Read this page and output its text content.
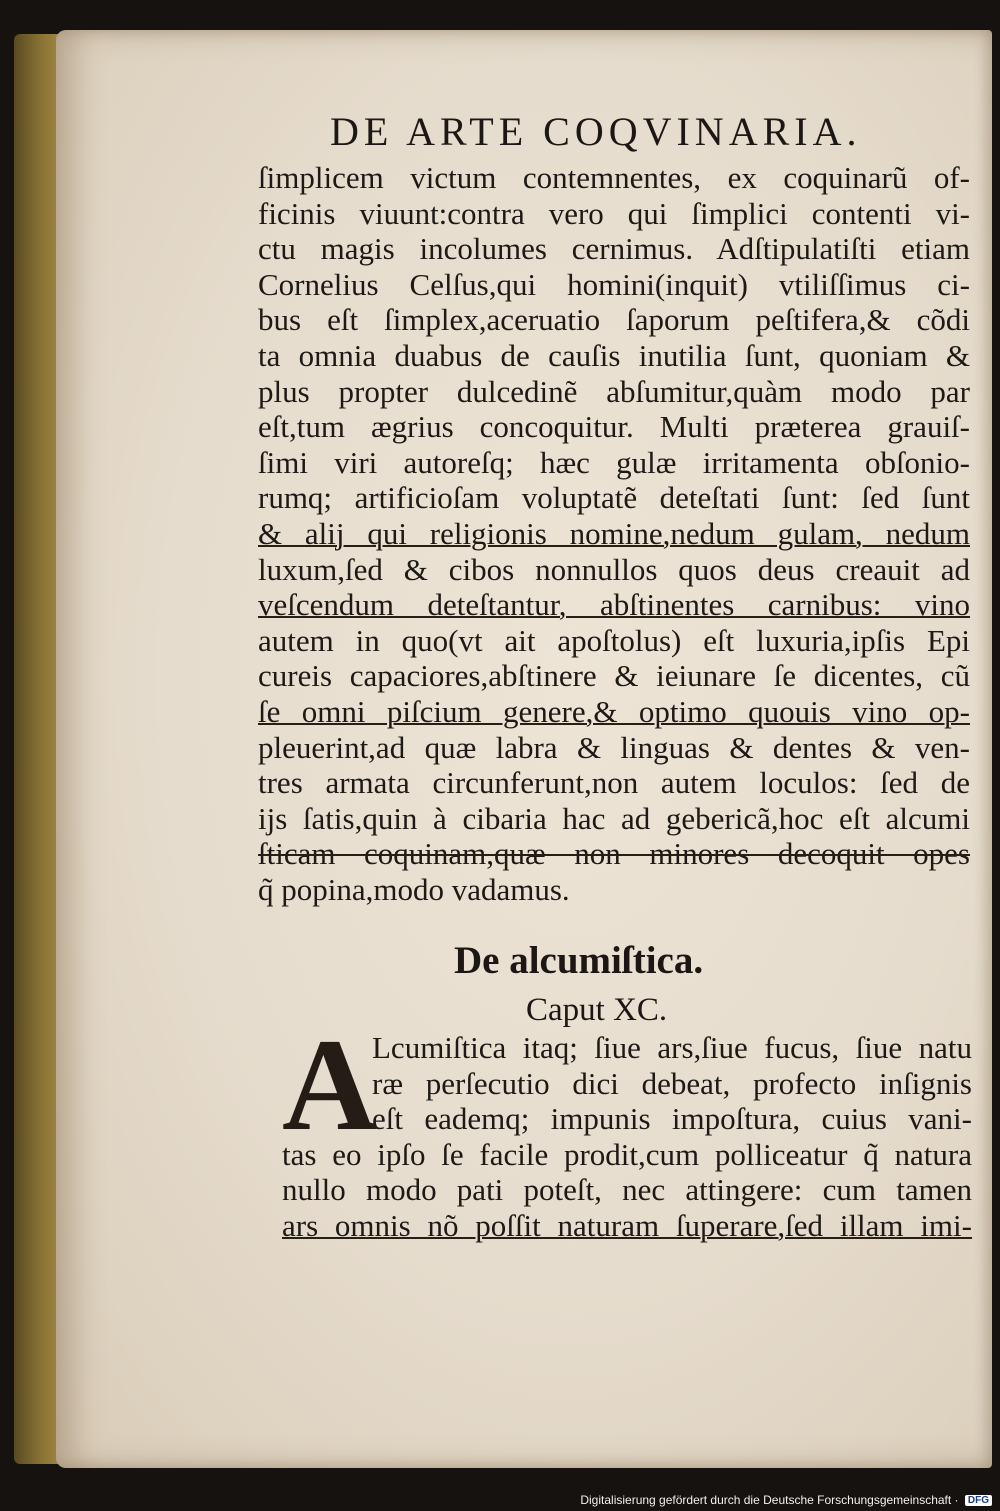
DE ARTE COQVINARIA.
ſimplicem victum contemnentes, ex coquinarũ of-
ficinis viuunt:contra vero qui ſimplici contenti vi-
ctu magis incolumes cernimus. Adſtipulatiſti etiam
Cornelius Celſus,qui homini(inquit) vtiliſſimus ci-
bus eſt ſimplex,aceruatio ſaporum peſtifera,& cõdi
ta omnia duabus de cauſis inutilia ſunt, quoniam &
plus propter dulcedinẽ abſumitur,quàm modo par
eſt,tum ægrius concoquitur. Multi præterea grauiſ-
ſimi viri autoreſq; hæc gulæ irritamenta obſonio-
rumq; artificioſam voluptatẽ deteſtati ſunt: ſed ſunt
& alij qui religionis nomine,nedum gulam, nedum
luxum,ſed & cibos nonnullos quos deus creauit ad
veſcendum deteſtantur, abſtinentes carnibus: vino
autem in quo(vt ait apoſtolus) eſt luxuria,ipſis Epi
cureis capaciores,abſtinere & ieiunare ſe dicentes, cũ
ſe omni piſcium genere,& optimo quouis vino op-
pleuerint,ad quæ labra & linguas & dentes & ven-
tres armata circunferunt,non autem loculos: ſed de
ijs ſatis,quin à cibaria hac ad gebericã,hoc eſt alcumi
ſticam coquinam,quæ non minores decoquit opes
q̃ popina,modo vadamus.
De alcumiſtica.
Caput XC.
A
Lcumiſtica itaq; ſiue ars,ſiue fucus, ſiue natu
ræ perſecutio dici debeat, profecto inſignis
eſt eademq; impunis impoſtura, cuius vani-
tas eo ipſo ſe facile prodit,cum polliceatur q̃ natura
nullo modo pati poteſt, nec attingere: cum tamen
ars omnis nõ poſſit naturam ſuperare,ſed illam imi-
Digitalisierung gefördert durch die Deutsche Forschungsgemeinschaft · DFG
